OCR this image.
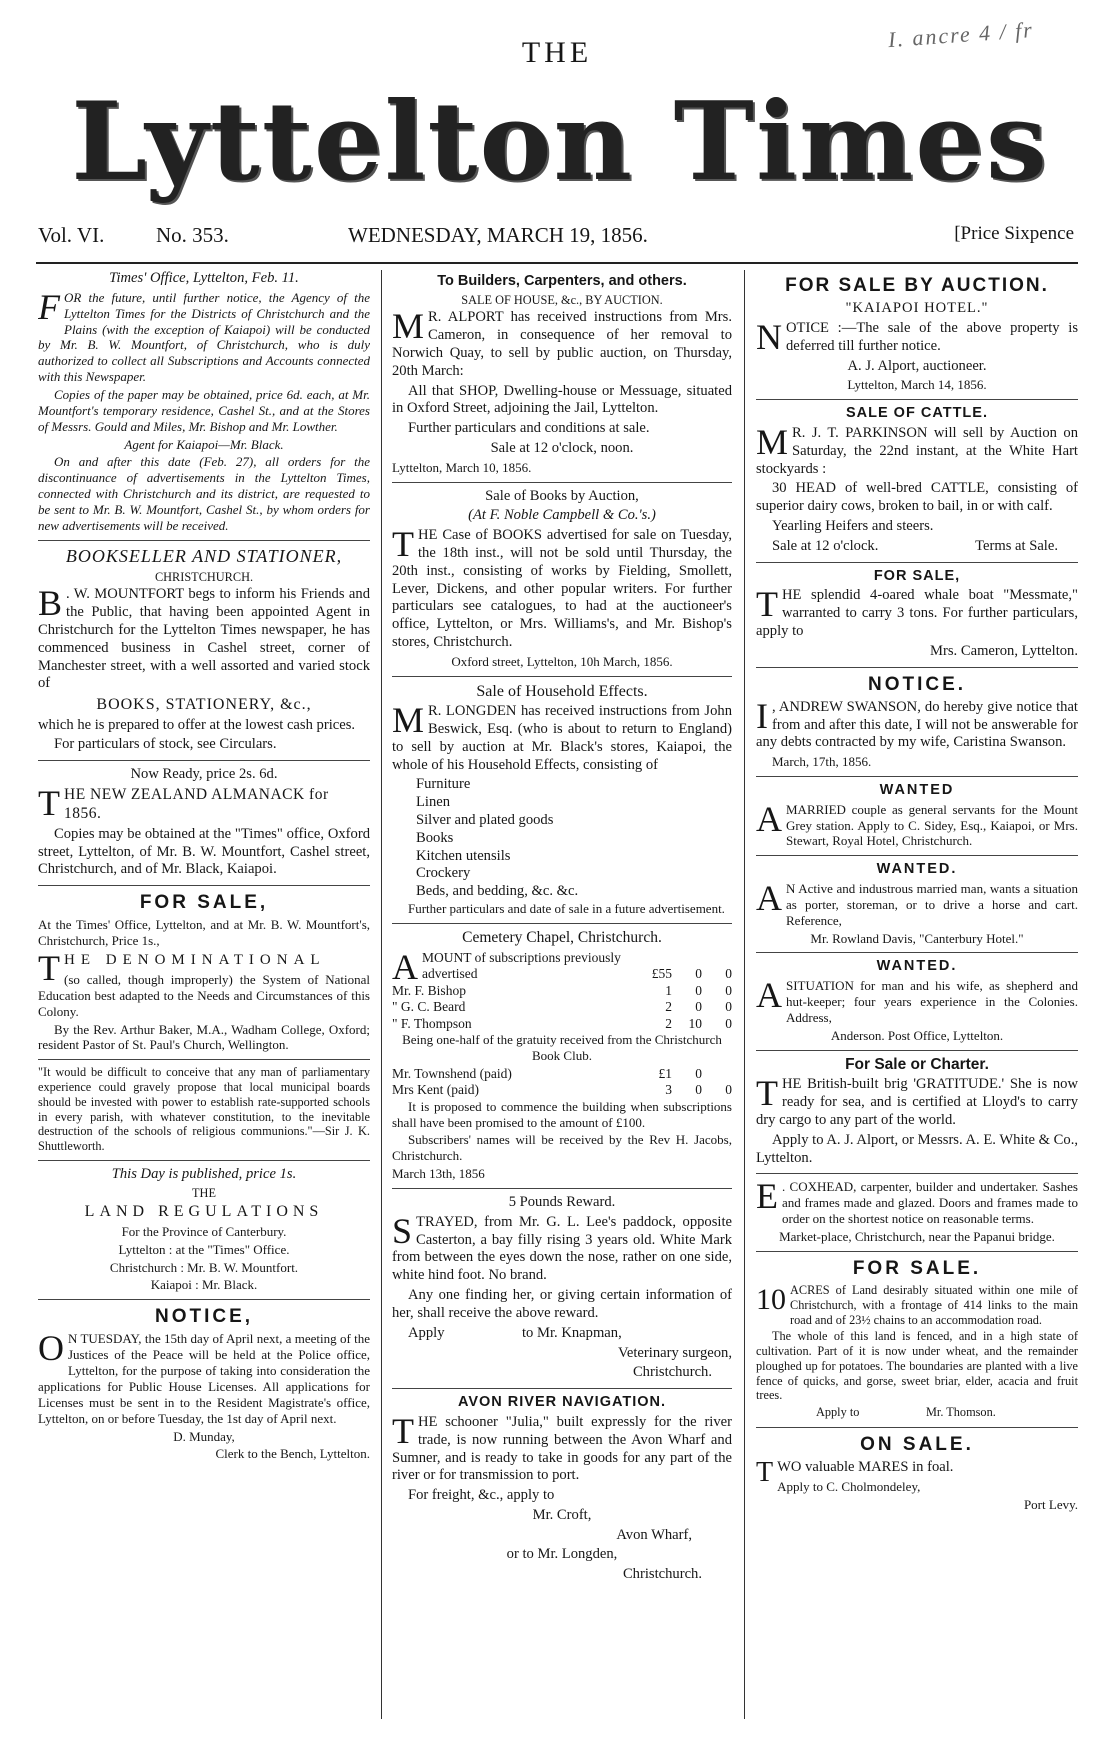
I. ancre 4 / fr
THE
Lyttelton Times
Vol. VI. No. 353.	WEDNESDAY, MARCH 19, 1856.	[Price Sixpence

Times' Office, Lyttelton, Feb. 11.

FOR the future, until further notice, the Agency of the Lyttelton Times for the Districts of Christchurch and the Plains (with the exception of Kaiapoi) will be conducted by Mr. B. W. Mountfort, of Christchurch, who is duly authorized to collect all Subscriptions and Accounts connected with this Newspaper.

Copies of the paper may be obtained, price 6d. each, at Mr. Mountfort's temporary residence, Cashel St., and at the Stores of Messrs. Gould and Miles, Mr. Bishop and Mr. Lowther.

Agent for Kaiapoi—Mr. Black.

On and after this date (Feb. 27), all orders for the discontinuance of advertisements in the Lyttelton Times, connected with Christchurch and its district, are requested to be sent to Mr. B. W. Mountfort, Cashel St., by whom orders for new advertisements will be received.

BOOKSELLER AND STATIONER,

CHRISTCHURCH.

B . W. MOUNTFORT begs to inform his Friends and the Public, that having been appointed Agent in Christchurch for the Lyttelton Times newspaper, he has commenced business in Cashel street, corner of Manchester street, with a well assorted and varied stock of

BOOKS, STATIONERY, &c.,

which he is prepared to offer at the lowest cash prices.

For particulars of stock, see Circulars.

Now Ready, price 2s. 6d.

THE NEW ZEALAND ALMANACK for 1856.

Copies may be obtained at the "Times" office, Oxford street, Lyttelton, of Mr. B. W. Mountfort, Cashel street, Christchurch, and of Mr. Black, Kaiapoi.

FOR SALE,

At the Times' Office, Lyttelton, and at Mr. B. W. Mountfort's, Christchurch, Price 1s.,

THE DENOMINATIONAL

(so called, though improperly) the System of National Education best adapted to the Needs and Circumstances of this Colony.

By the Rev. Arthur Baker, M.A., Wadham College, Oxford; resident Pastor of St. Paul's Church, Wellington.

"It would be difficult to conceive that any man of parliamentary experience could gravely propose that local municipal boards should be invested with power to establish rate-supported schools in every parish, with whatever constitution, to the inevitable destruction of the schools of religious communions."—Sir J. K. Shuttleworth.

This Day is published, price 1s.

THE

LAND REGULATIONS

For the Province of Canterbury.

Lyttelton : at the "Times" Office.

Christchurch : Mr. B. W. Mountfort.

Kaiapoi : Mr. Black.

NOTICE,

O N TUESDAY, the 15th day of April next, a meeting of the Justices of the Peace will be held at the Police office, Lyttelton, for the purpose of taking into consideration the applications for Public House Licenses. All applications for Licenses must be sent in to the Resident Magistrate's office, Lyttelton, on or before Tuesday, the 1st day of April next.

D. Munday,

Clerk to the Bench, Lyttelton.

To Builders, Carpenters, and others.

SALE OF HOUSE, &c., BY AUCTION.

M R. ALPORT has received instructions from Mrs. Cameron, in consequence of her removal to Norwich Quay, to sell by public auction, on Thursday, 20th March:

All that SHOP, Dwelling-house or Messuage, situated in Oxford Street, adjoining the Jail, Lyttelton.

Further particulars and conditions at sale.

Sale at 12 o'clock, noon.

Lyttelton, March 10, 1856.

Sale of Books by Auction,

(At F. Noble Campbell & Co.'s.)

THE Case of BOOKS advertised for sale on Tuesday, the 18th inst., will not be sold until Thursday, the 20th inst., consisting of works by Fielding, Smollett, Lever, Dickens, and other popular writers. For further particulars see catalogues, to had at the auctioneer's office, Lyttelton, or Mrs. Williams's, and Mr. Bishop's stores, Christchurch.

Oxford street, Lyttelton, 10h March, 1856.

Sale of Household Effects.

M R. LONGDEN has received instructions from John Beswick, Esq. (who is about to return to England) to sell by auction at Mr. Black's stores, Kaiapoi, the whole of his Household Effects, consisting of

Furniture
Linen
Silver and plated goods
Books
Kitchen utensils
Crockery
Beds, and bedding, &c. &c.

Further particulars and date of sale in a future advertisement.

Cemetery Chapel, Christchurch.

A MOUNT of subscriptions previously advertised	£55	0	0
Mr. F. Bishop	1	0	0
" G. C. Beard	2	0	0
" F. Thompson	2	10	0

Being one-half of the gratuity received from the Christchurch Book Club.

Mr. Townshend (paid)	£1	0	
Mrs Kent (paid)	3	0	0

It is proposed to commence the building when subscriptions shall have been promised to the amount of £100.

Subscribers' names will be received by the Rev H. Jacobs, Christchurch.

March 13th, 1856

5 Pounds Reward.

STRAYED, from Mr. G. L. Lee's paddock, opposite Casterton, a bay filly rising 3 years old. White Mark from between the eyes down the nose, rather on one side, white hind foot. No brand.

Any one finding her, or giving certain information of her, shall receive the above reward.

Apply	to Mr. Knapman,

Veterinary surgeon,

Christchurch.

AVON RIVER NAVIGATION.

THE schooner "Julia," built expressly for the river trade, is now running between the Avon Wharf and Sumner, and is ready to take in goods for any part of the river or for transmission to port.

For freight, &c., apply to

Mr. Croft,

Avon Wharf,

or to Mr. Longden,

Christchurch.

FOR SALE BY AUCTION.

"KAIAPOI HOTEL."

NOTICE :—The sale of the above property is deferred till further notice.

A. J. Alport, auctioneer.

Lyttelton, March 14, 1856.

SALE OF CATTLE.

M R. J. T. PARKINSON will sell by Auction on Saturday, the 22nd instant, at the White Hart stockyards :

30 HEAD of well-bred CATTLE, consisting of superior dairy cows, broken to bail, in or with calf.

Yearling Heifers and steers.

Sale at 12 o'clock.	Terms at Sale.

FOR SALE,

THE splendid 4-oared whale boat "Messmate," warranted to carry 3 tons. For further particulars, apply to

Mrs. Cameron, Lyttelton.

NOTICE.

I , ANDREW SWANSON, do hereby give notice that from and after this date, I will not be answerable for any debts contracted by my wife, Caristina Swanson.

March, 17th, 1856.

WANTED

AMARRIED couple as general servants for the Mount Grey station. Apply to C. Sidey, Esq., Kaiapoi, or Mrs. Stewart, Royal Hotel, Christchurch.

WANTED.

A N Active and industrous married man, wants a situation as porter, storeman, or to drive a horse and cart. Reference,

Mr. Rowland Davis, "Canterbury Hotel."

WANTED.

ASITUATION for man and his wife, as shepherd and hut-keeper; four years experience in the Colonies. Address,

Anderson. Post Office, Lyttelton.

For Sale or Charter.

THE British-built brig 'GRATITUDE.' She is now ready for sea, and is certified at Lloyd's to carry dry cargo to any part of the world.

Apply to A. J. Alport, or Messrs. A. E. White & Co., Lyttelton.

E . COXHEAD, carpenter, builder and undertaker. Sashes and frames made and glazed. Doors and frames made to order on the shortest notice on reasonable terms.

Market-place, Christchurch, near the Papanui bridge.

FOR SALE.

10 ACRES of Land desirably situated within one mile of Christchurch, with a frontage of 414 links to the main road and of 23½ chains to an accommodation road.

The whole of this land is fenced, and in a high state of cultivation. Part of it is now under wheat, and the remainder ploughed up for potatoes. The boundaries are planted with a live fence of quicks, and gorse, sweet briar, elder, acacia and fruit trees.

Apply to	Mr. Thomson.

ON SALE.

TWO valuable MARES in foal.

Apply to C. Cholmondeley,

Port Levy.
